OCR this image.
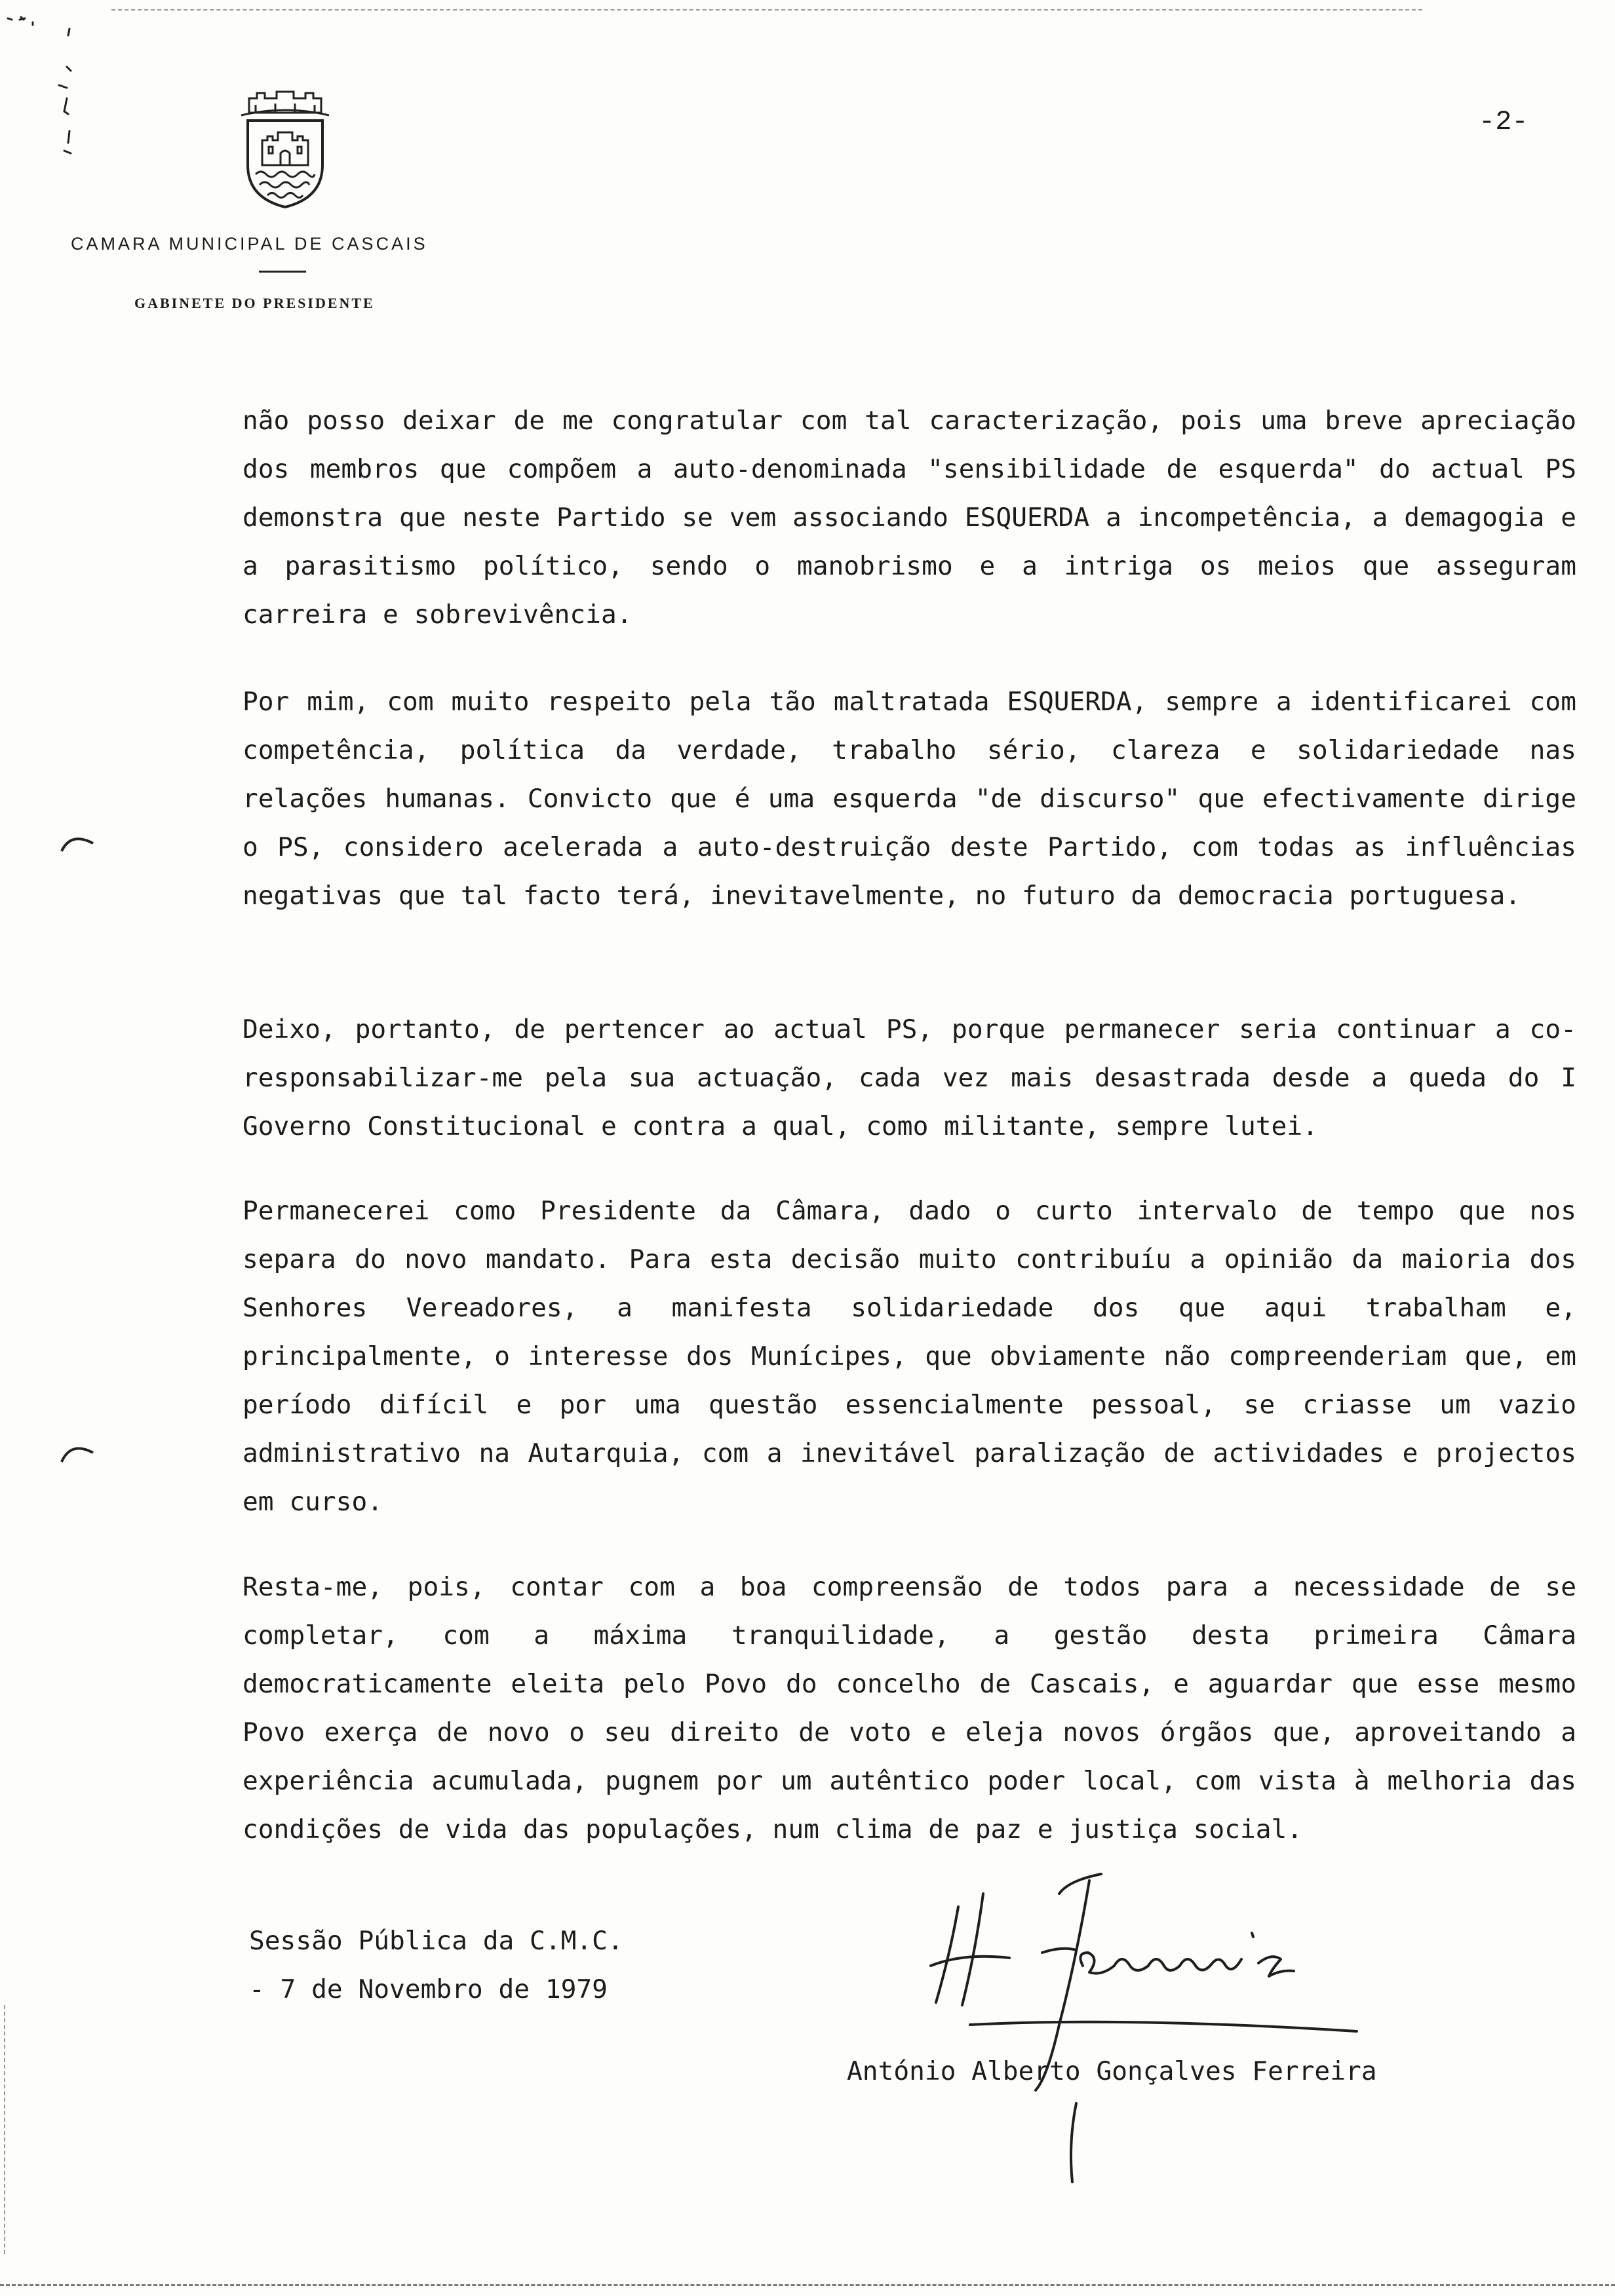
CAMARA MUNICIPAL DE CASCAIS
GABINETE DO PRESIDENTE
-2-

não posso deixar de me congratular com tal caracterização, pois uma breve apreciação dos membros que compõem a auto-denominada "sensibilidade de esquerda" do actual PS demonstra que neste Partido se vem associando ESQUERDA a incompetência, a demagogia e a parasitismo político, sendo o manobrismo e a intriga os meios que asseguram carreira e sobrevivência.

Por mim, com muito respeito pela tão maltratada ESQUERDA, sempre a identificarei com competência, política da verdade, trabalho sério, clareza e solidariedade nas relações humanas. Convicto que é uma esquerda "de discurso" que efectivamente dirige o PS, considero acelerada a auto-destruição deste Partido, com todas as influências negativas que tal facto terá, inevitavelmente, no futuro da democracia portuguesa.

Deixo, portanto, de pertencer ao actual PS, porque permanecer seria continuar a co-responsabilizar-me pela sua actuação, cada vez mais desastrada desde a queda do I Governo Constitucional e contra a qual, como militante, sempre lutei.

Permanecerei como Presidente da Câmara, dado o curto intervalo de tempo que nos separa do novo mandato. Para esta decisão muito contribuíu a opinião da maioria dos Senhores Vereadores, a manifesta solidariedade dos que aqui trabalham e, principalmente, o interesse dos Munícipes, que obviamente não compreenderiam que, em período difícil e por uma questão essencialmente pessoal, se criasse um vazio administrativo na Autarquia, com a inevitável paralização de actividades e projectos em curso.

Resta-me, pois, contar com a boa compreensão de todos para a necessidade de se completar, com a máxima tranquilidade, a gestão desta primeira Câmara democraticamente eleita pelo Povo do concelho de Cascais, e aguardar que esse mesmo Povo exerça de novo o seu direito de voto e eleja novos órgãos que, aproveitando a experiência acumulada, pugnem por um autêntico poder local, com vista à melhoria das condições de vida das populações, num clima de paz e justiça social.

Sessão Pública da C.M.C.
- 7 de Novembro de 1979
António Alberto Gonçalves Ferreira
